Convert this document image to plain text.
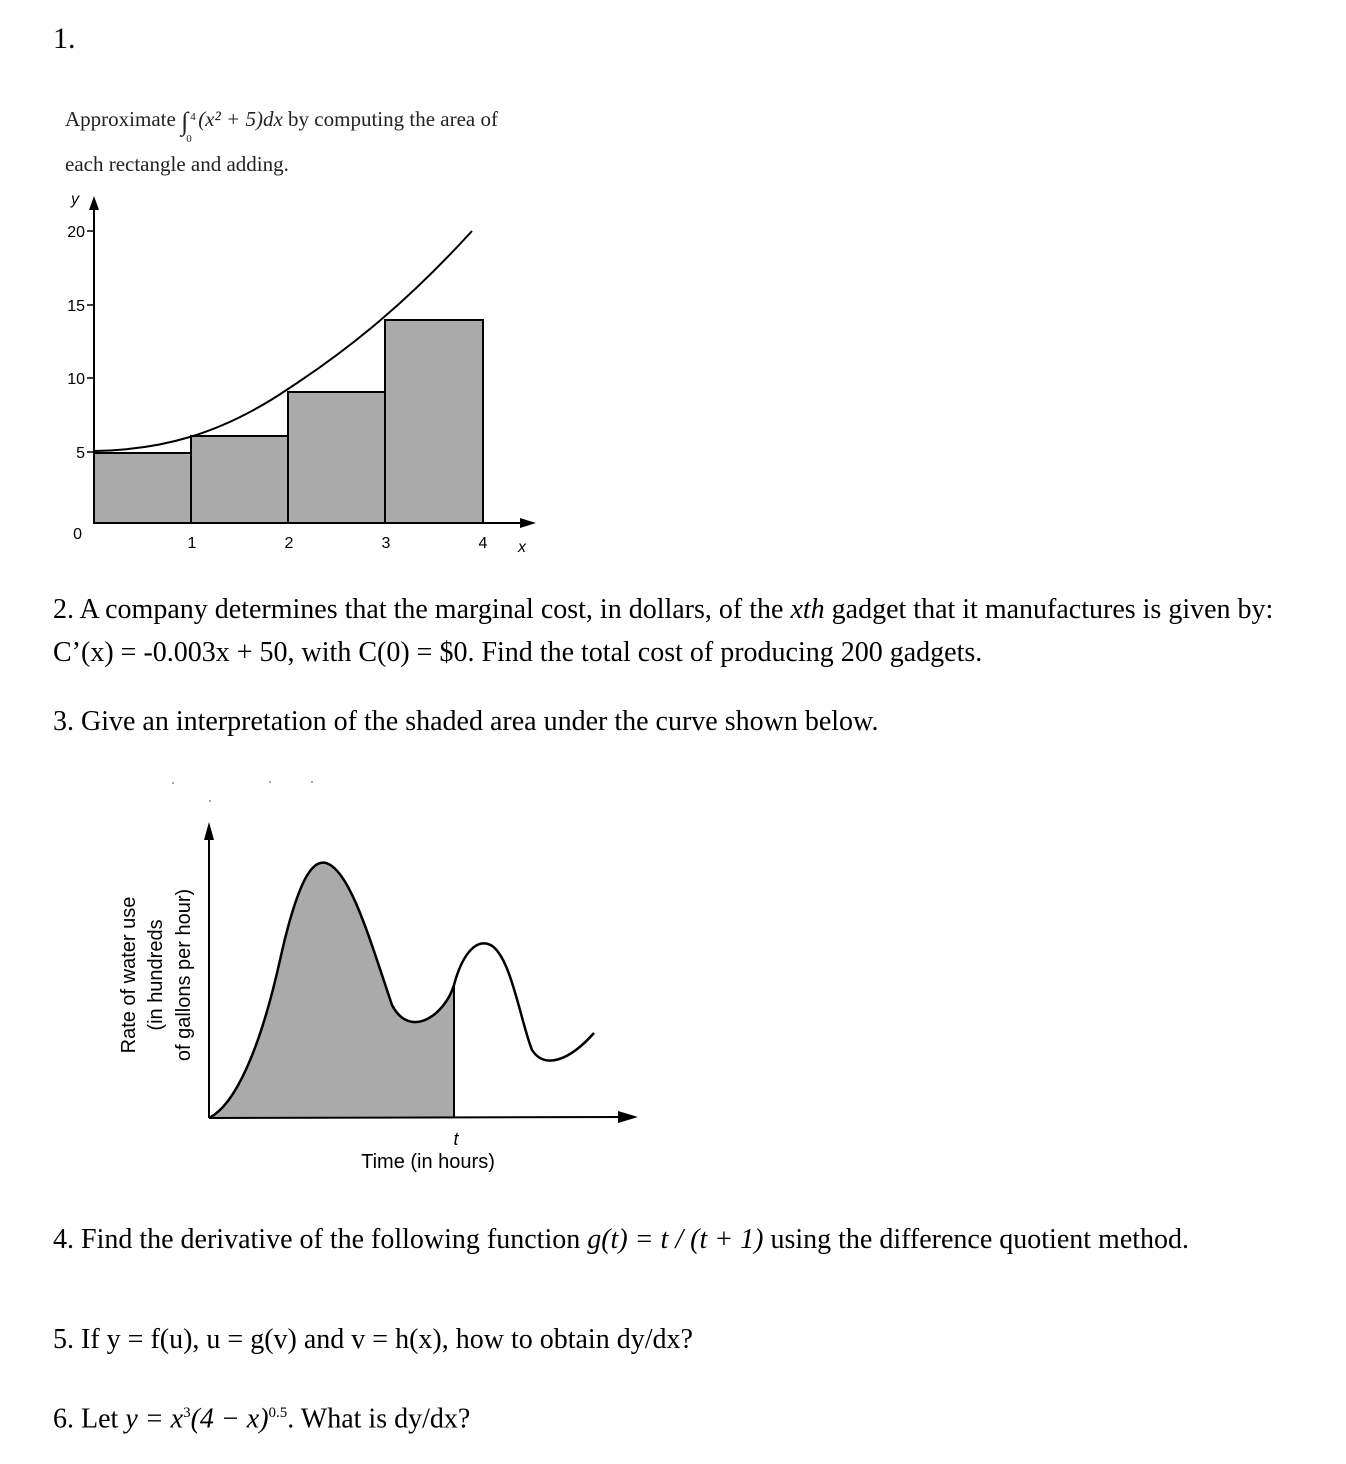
1.
Approximate ∫ 4
0
(x² + 5)dx by computing the area of
each rectangle and adding.
20
15
10
5
0
1	2	3	4 x
y
2. A company determines that the marginal cost, in dollars, of the xth gadget that it manufactures is given by: C’(x) = -0.003x + 50, with C(0) = $0. Find the total cost of producing 200 gadgets.
3. Give an interpretation of the shaded area under the curve shown below.
t
Time (in hours)
Rate of water use (in hundreds of gallons per hour)
4. Find the derivative of the following function g(t) = t / (t + 1) using the difference quotient method.
5. If y = f(u), u = g(v) and v = h(x), how to obtain dy/dx?
6. Let $y = x^3(4 - x)^{0.5}$. What is dy/dx?
